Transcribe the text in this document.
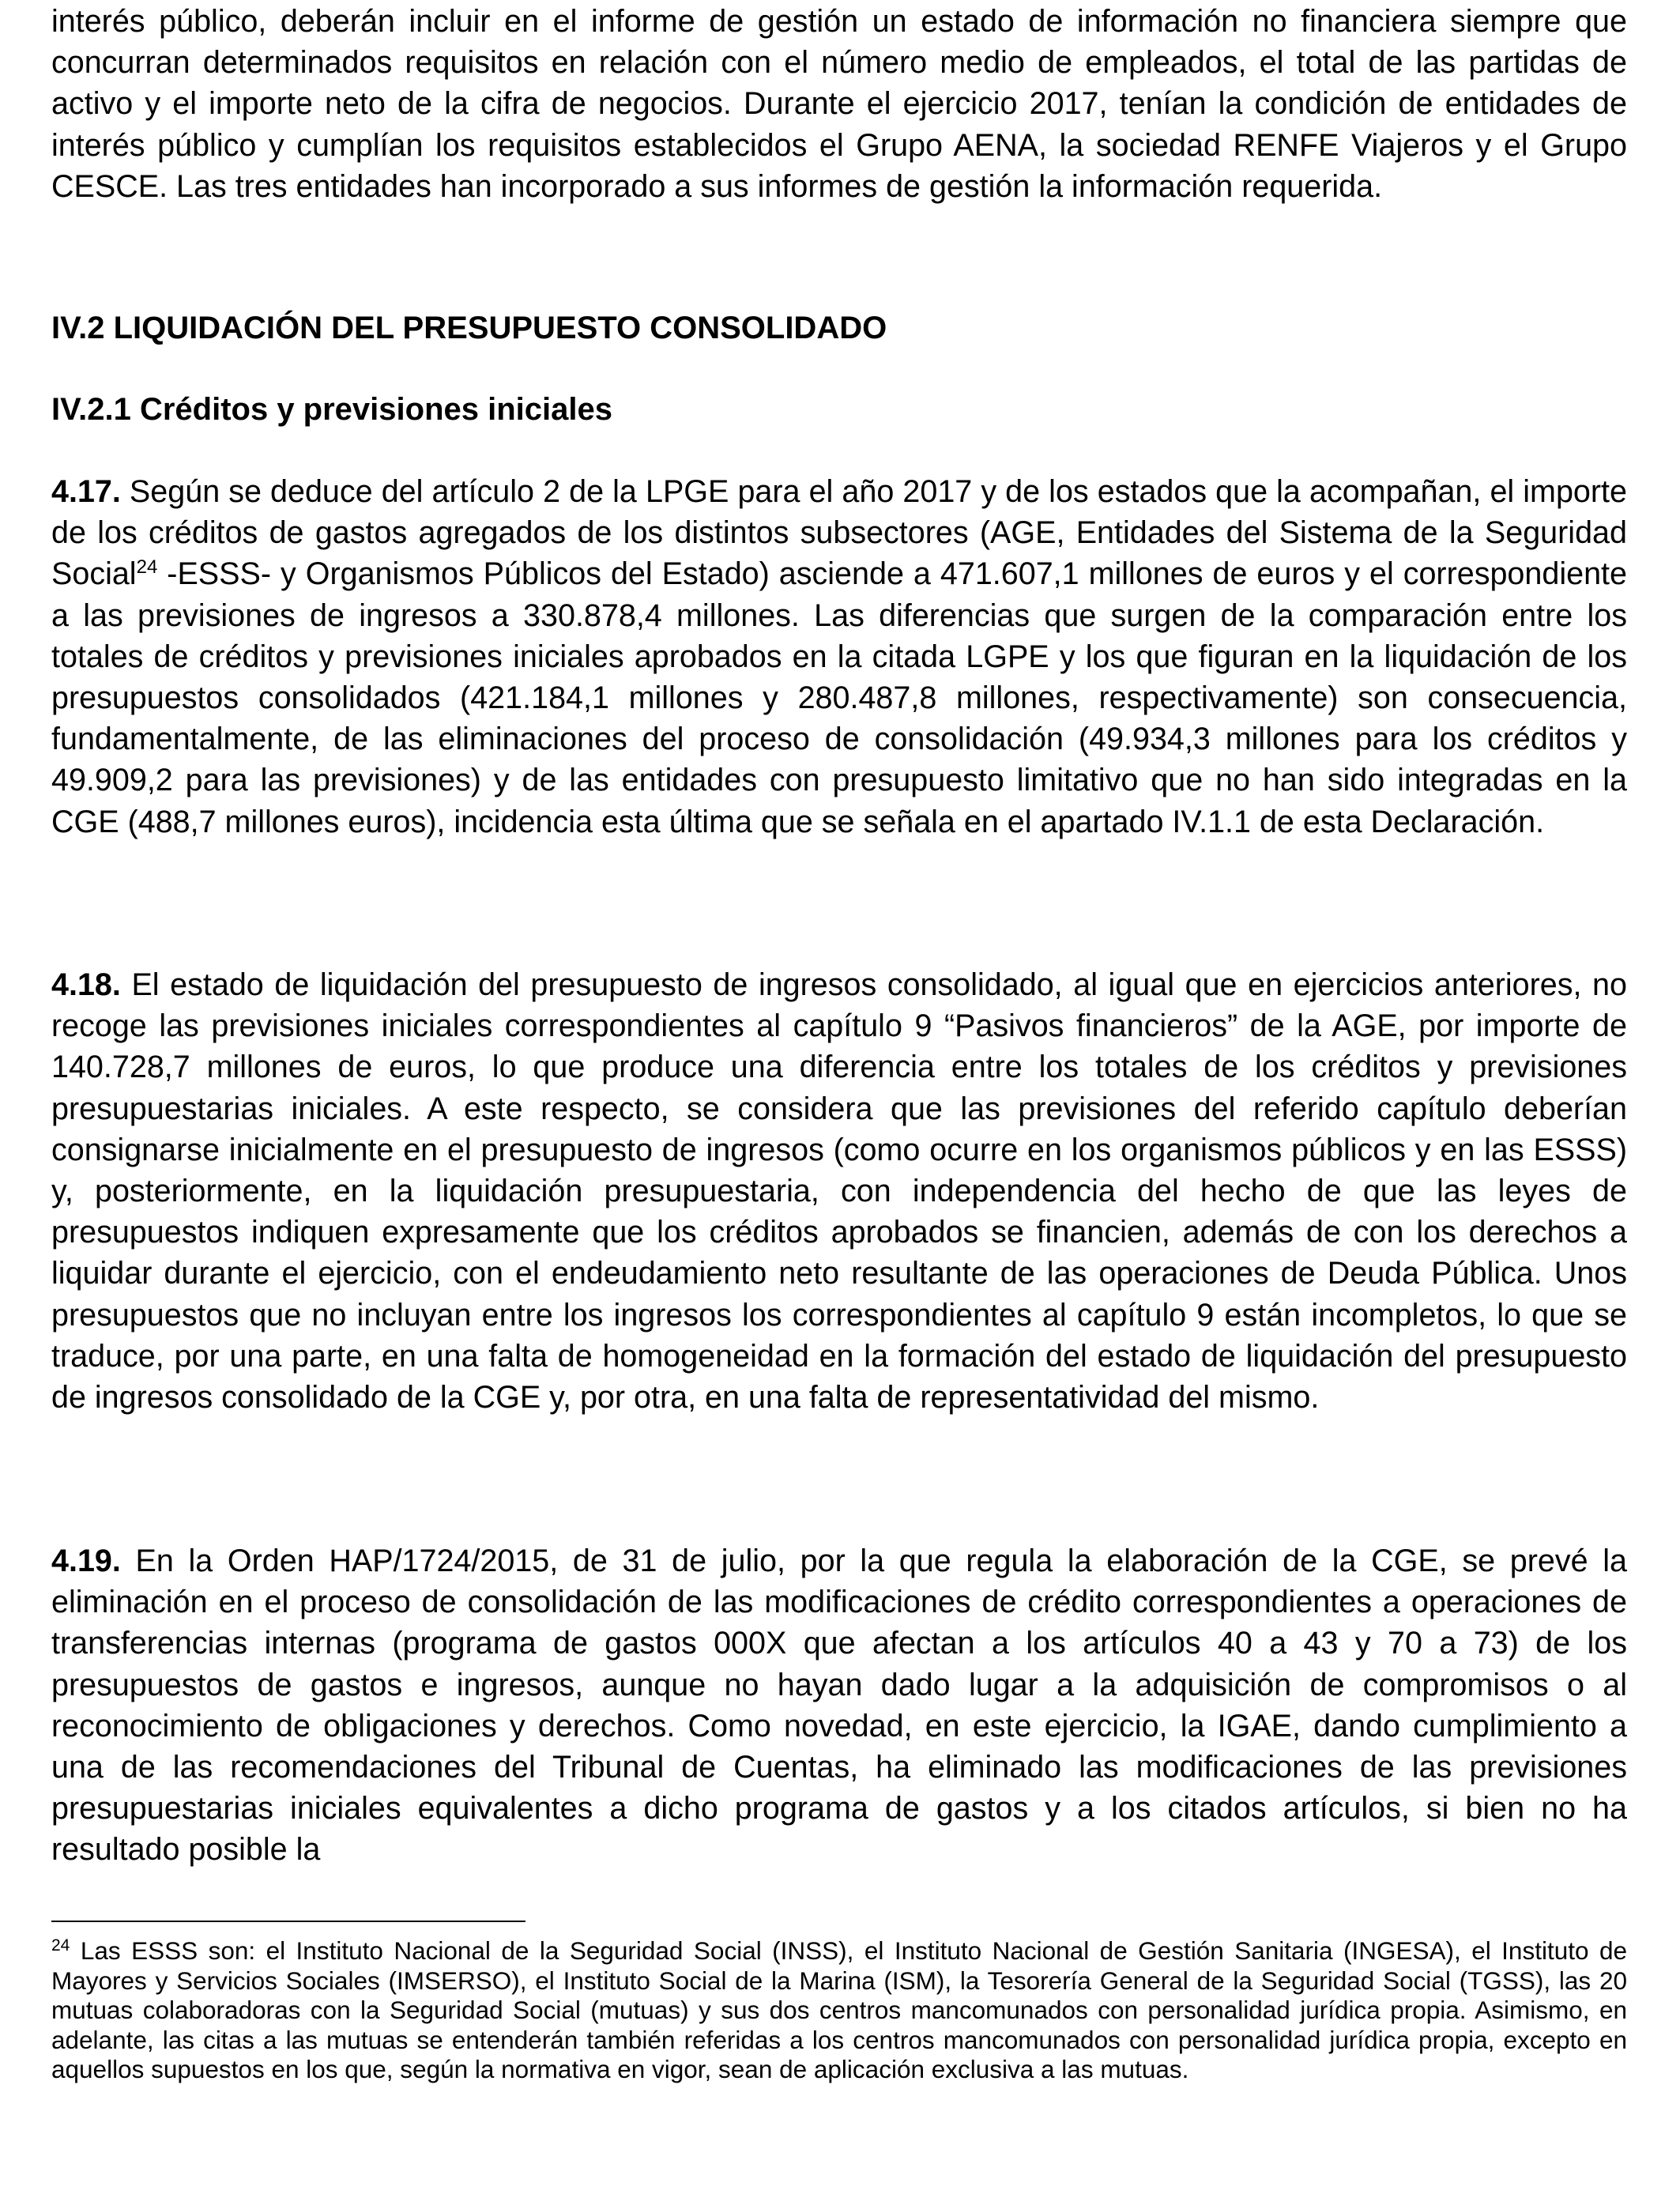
interés público, deberán incluir en el informe de gestión un estado de información no financiera siempre que concurran determinados requisitos en relación con el número medio de empleados, el total de las partidas de activo y el importe neto de la cifra de negocios. Durante el ejercicio 2017, tenían la condición de entidades de interés público y cumplían los requisitos establecidos el Grupo AENA, la sociedad RENFE Viajeros y el Grupo CESCE. Las tres entidades han incorporado a sus informes de gestión la información requerida.

IV.2 LIQUIDACIÓN DEL PRESUPUESTO CONSOLIDADO
IV.2.1 Créditos y previsiones iniciales

4.17. Según se deduce del artículo 2 de la LPGE para el año 2017 y de los estados que la acompañan, el importe de los créditos de gastos agregados de los distintos subsectores (AGE, Entidades del Sistema de la Seguridad Social$^{24}$ -ESSS- y Organismos Públicos del Estado) asciende a 471.607,1 millones de euros y el correspondiente a las previsiones de ingresos a 330.878,4 millones. Las diferencias que surgen de la comparación entre los totales de créditos y previsiones iniciales aprobados en la citada LGPE y los que figuran en la liquidación de los presupuestos consolidados (421.184,1 millones y 280.487,8 millones, respectivamente) son consecuencia, fundamentalmente, de las eliminaciones del proceso de consolidación (49.934,3 millones para los créditos y 49.909,2 para las previsiones) y de las entidades con presupuesto limitativo que no han sido integradas en la CGE (488,7 millones euros), incidencia esta última que se señala en el apartado IV.1.1 de esta Declaración.

4.18. El estado de liquidación del presupuesto de ingresos consolidado, al igual que en ejercicios anteriores, no recoge las previsiones iniciales correspondientes al capítulo 9 “Pasivos financieros” de la AGE, por importe de 140.728,7 millones de euros, lo que produce una diferencia entre los totales de los créditos y previsiones presupuestarias iniciales. A este respecto, se considera que las previsiones del referido capítulo deberían consignarse inicialmente en el presupuesto de ingresos (como ocurre en los organismos públicos y en las ESSS) y, posteriormente, en la liquidación presupuestaria, con independencia del hecho de que las leyes de presupuestos indiquen expresamente que los créditos aprobados se financien, además de con los derechos a liquidar durante el ejercicio, con el endeudamiento neto resultante de las operaciones de Deuda Pública. Unos presupuestos que no incluyan entre los ingresos los correspondientes al capítulo 9 están incompletos, lo que se traduce, por una parte, en una falta de homogeneidad en la formación del estado de liquidación del presupuesto de ingresos consolidado de la CGE y, por otra, en una falta de representatividad del mismo.

4.19. En la Orden HAP/1724/2015, de 31 de julio, por la que regula la elaboración de la CGE, se prevé la eliminación en el proceso de consolidación de las modificaciones de crédito correspondientes a operaciones de transferencias internas (programa de gastos 000X que afectan a los artículos 40 a 43 y 70 a 73) de los presupuestos de gastos e ingresos, aunque no hayan dado lugar a la adquisición de compromisos o al reconocimiento de obligaciones y derechos. Como novedad, en este ejercicio, la IGAE, dando cumplimiento a una de las recomendaciones del Tribunal de Cuentas, ha eliminado las modificaciones de las previsiones presupuestarias iniciales equivalentes a dicho programa de gastos y a los citados artículos, si bien no ha resultado posible la

$^{24}$ Las ESSS son: el Instituto Nacional de la Seguridad Social (INSS), el Instituto Nacional de Gestión Sanitaria (INGESA), el Instituto de Mayores y Servicios Sociales (IMSERSO), el Instituto Social de la Marina (ISM), la Tesorería General de la Seguridad Social (TGSS), las 20 mutuas colaboradoras con la Seguridad Social (mutuas) y sus dos centros mancomunados con personalidad jurídica propia. Asimismo, en adelante, las citas a las mutuas se entenderán también referidas a los centros mancomunados con personalidad jurídica propia, excepto en aquellos supuestos en los que, según la normativa en vigor, sean de aplicación exclusiva a las mutuas.
